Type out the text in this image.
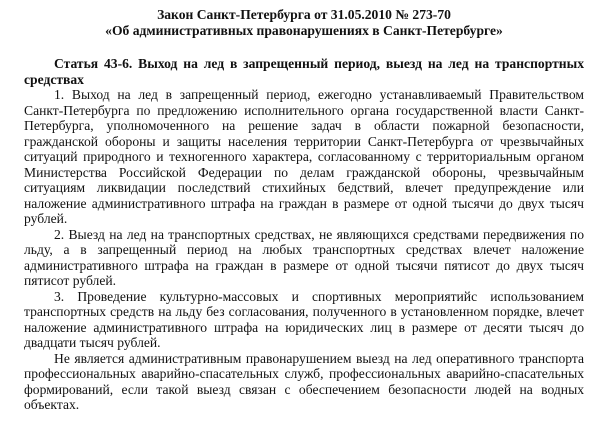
Закон Санкт-Петербурга от 31.05.2010 № 273-70

«Об административных правонарушениях в Санкт-Петербурге»

Статья 43-6. Выход на лед в запрещенный период, выезд на лед на транспортных средствах

1. Выход на лед в запрещенный период, ежегодно устанавливаемый Правительством Санкт-Петербурга по предложению исполнительного органа государственной власти Санкт-Петербурга, уполномоченного на решение задач в области пожарной безопасности, гражданской обороны и защиты населения территории Санкт-Петербурга от чрезвычайных ситуаций природного и техногенного характера, согласованному с территориальным органом Министерства Российской Федерации по делам гражданской обороны, чрезвычайным ситуациям ликвидации последствий стихийных бедствий, влечет предупреждение или наложение административного штрафа на граждан в размере от одной тысячи до двух тысяч рублей.

2. Выезд на лед на транспортных средствах, не являющихся средствами передвижения по льду, а в запрещенный период на любых транспортных средствах влечет наложение административного штрафа на граждан в размере от одной тысячи пятисот до двух тысяч пятисот рублей.

3. Проведение культурно-массовых и спортивных мероприятийс использованием транспортных средств на льду без согласования, полученного в установленном порядке, влечет наложение административного штрафа на юридических лиц в размере от десяти тысяч до двадцати тысяч рублей.

Не является административным правонарушением выезд на лед оперативного транспорта профессиональных аварийно-спасательных служб, профессиональных аварийно-спасательных формирований, если такой выезд связан с обеспечением безопасности людей на водных объектах.
